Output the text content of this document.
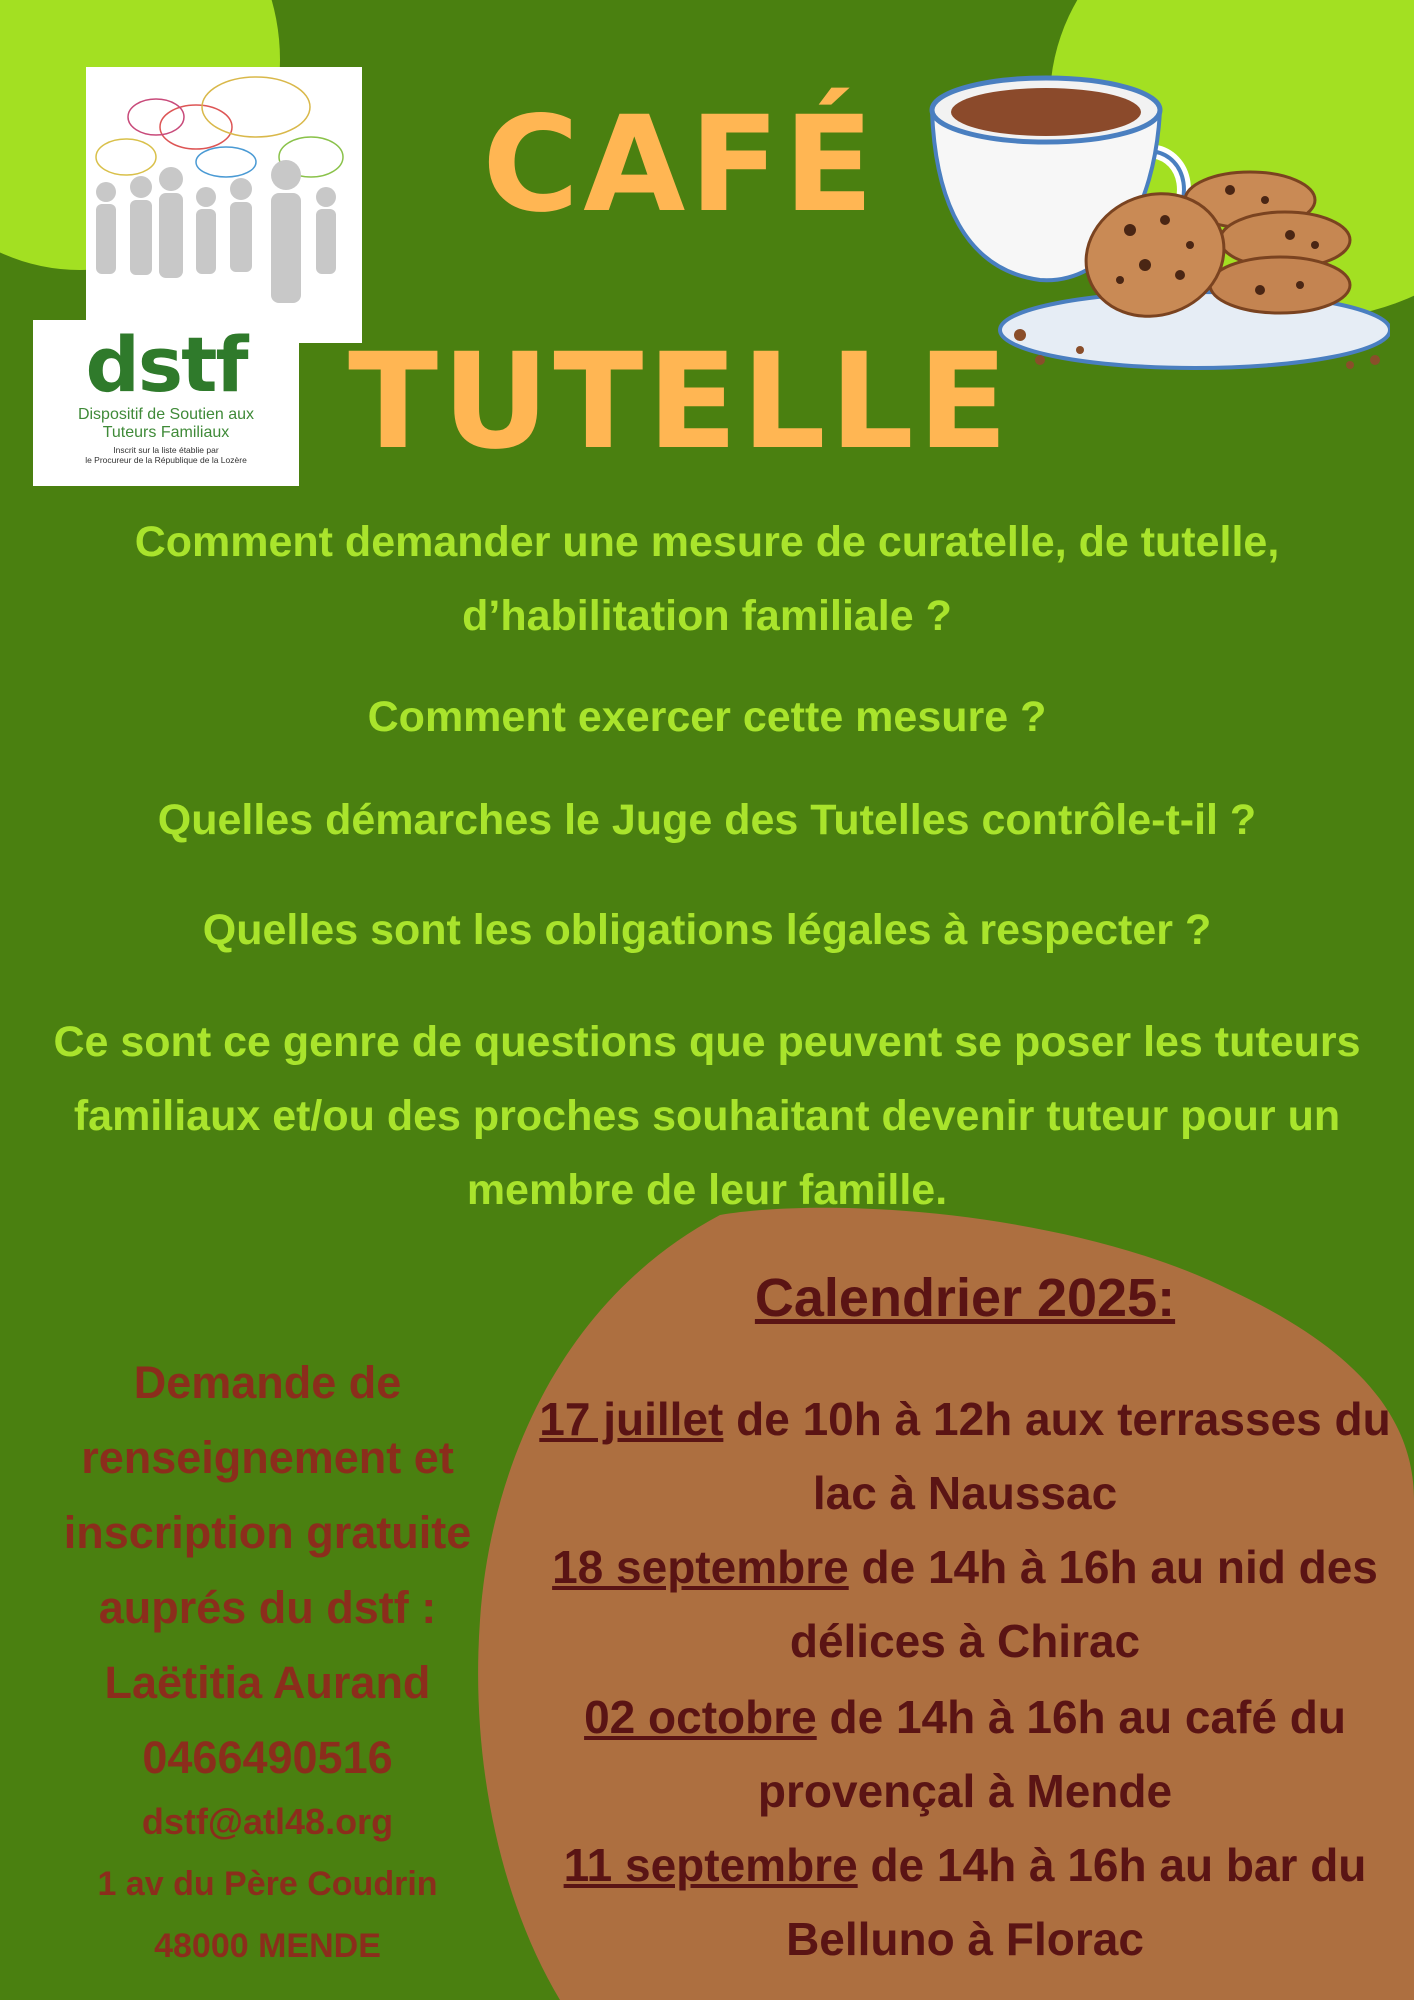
dstf
Dispositif de Soutien aux
Tuteurs Familiaux
Inscrit sur la liste établie par
le Procureur de la République de la Lozère
CAFÉ
TUTELLE
Comment demander une mesure de curatelle, de tutelle, d’habilitation familiale ?
Comment exercer cette mesure ?
Quelles démarches le Juge des Tutelles contrôle-t-il ?
Quelles sont les obligations légales à respecter ?
Ce sont ce genre de questions que peuvent se poser les tuteurs familiaux et/ou des proches souhaitant devenir tuteur pour un membre de leur famille.
Calendrier 2025:
17 juillet de 10h à 12h aux terrasses du lac à Naussac
18 septembre de 14h à 16h au nid des délices à Chirac
02 octobre de 14h à 16h au café du provençal à Mende
11 septembre de 14h à 16h au bar du Belluno à Florac
Demande de renseignement et inscription gratuite auprés du dstf :
Laëtitia Aurand
0466490516
dstf@atl48.org
1 av du Père Coudrin
48000 MENDE
